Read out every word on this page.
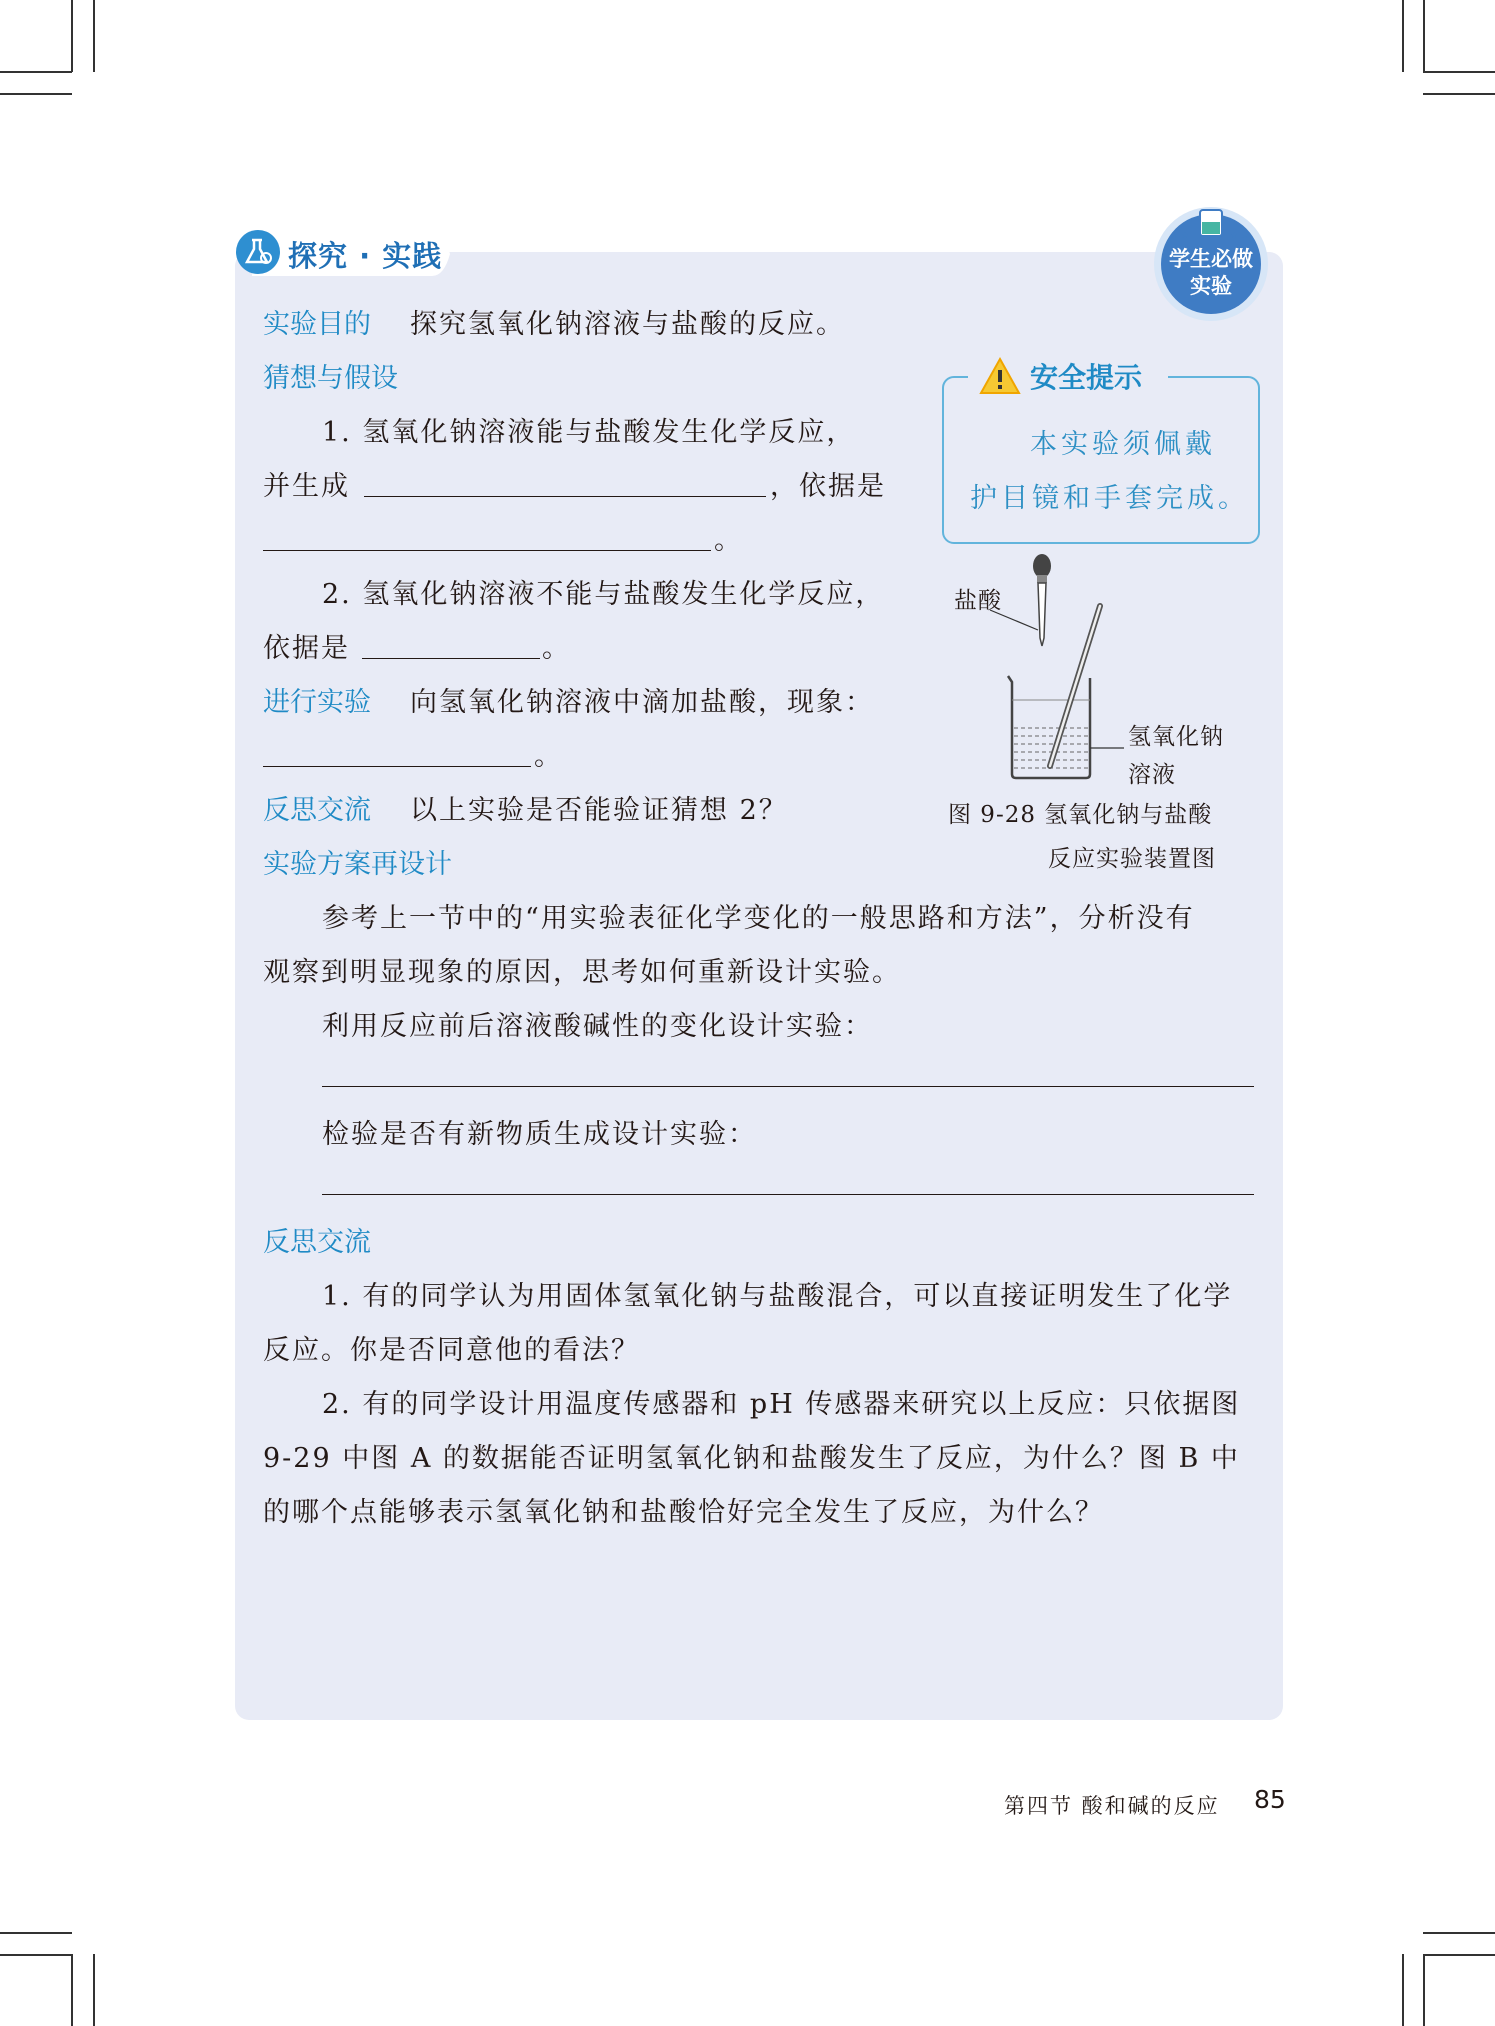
探究 · 实践
★ ★	★ ★
学生必做
实验
实验目的 探究氢氧化钠溶液与盐酸的反应。
猜想与假设
1. 氢氧化钠溶液能与盐酸发生化学反应，
并生成	，依据是
。
2. 氢氧化钠溶液不能与盐酸发生化学反应，
依据是	。
进行实验 向氢氧化钠溶液中滴加盐酸，现象：
。
反思交流 以上实验是否能验证猜想 2？
实验方案再设计
参考上一节中的“用实验表征化学变化的一般思路和方法”，分析没有
观察到明显现象的原因，思考如何重新设计实验。
利用反应前后溶液酸碱性的变化设计实验：
检验是否有新物质生成设计实验：
反思交流
1. 有的同学认为用固体氢氧化钠与盐酸混合，可以直接证明发生了化学
反应。你是否同意他的看法？
2. 有的同学设计用温度传感器和 pH 传感器来研究以上反应：只依据图
9-29 中图 A 的数据能否证明氢氧化钠和盐酸发生了反应，为什么？图 B 中
的哪个点能够表示氢氧化钠和盐酸恰好完全发生了反应，为什么？
安全提示
本实验须佩戴
护目镜和手套完成。
盐酸
氢氧化钠
溶液
图 9-28 氢氧化钠与盐酸
反应实验装置图
第四节 酸和碱的反应 85
